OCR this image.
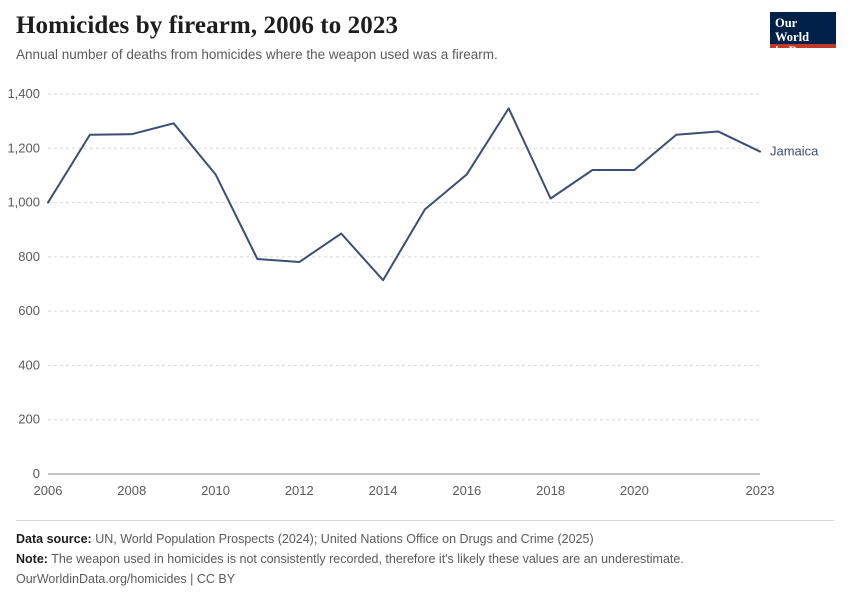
Homicides by firearm, 2006 to 2023
Annual number of deaths from homicides where the weapon used was a firearm.
Our World
in Data
0
200
400
600
800
1,000
1,200
1,400
2006	2008	2010	2012	2014	2016	2018	2020	2023
Jamaica
Data source: UN, World Population Prospects (2024); United Nations Office on Drugs and Crime (2025)
Note: The weapon used in homicides is not consistently recorded, therefore it's likely these values are an underestimate.
OurWorldinData.org/homicides | CC BY
